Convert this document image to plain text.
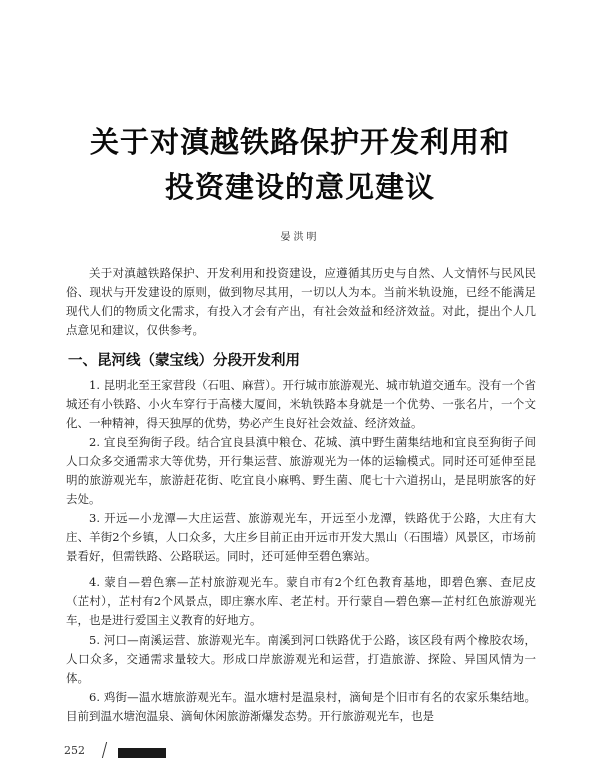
关于对滇越铁路保护开发利用和
投资建设的意见建议
晏洪明

关于对滇越铁路保护、开发利用和投资建设，应遵循其历史与自然、人文情怀与民风民俗、现状与开发建设的原则，做到物尽其用，一切以人为本。当前米轨设施，已经不能满足现代人们的物质文化需求，有投入才会有产出，有社会效益和经济效益。对此，提出个人几点意见和建议，仅供参考。

一、昆河线（蒙宝线）分段开发利用

1. 昆明北至王家营段（石咀、麻营）。开行城市旅游观光、城市轨道交通车。没有一个省城还有小铁路、小火车穿行于高楼大厦间，米轨铁路本身就是一个优势、一张名片，一个文化、一种精神，得天独厚的优势，势必产生良好社会效益、经济效益。

2. 宜良至狗街子段。结合宜良县滇中粮仓、花城、滇中野生菌集结地和宜良至狗街子间人口众多交通需求大等优势，开行集运营、旅游观光为一体的运输模式。同时还可延伸至昆明的旅游观光车，旅游赶花街、吃宜良小麻鸭、野生菌、爬七十六道拐山，是昆明旅客的好去处。

3. 开远—小龙潭—大庄运营、旅游观光车，开远至小龙潭，铁路优于公路，大庄有大庄、羊街2个乡镇，人口众多，大庄乡目前正由开远市开发大黑山（石围墙）风景区，市场前景看好，但需铁路、公路联运。同时，还可延伸至碧色寨站。

4. 蒙自—碧色寨—芷村旅游观光车。蒙自市有2个红色教育基地，即碧色寨、查尼皮（芷村），芷村有2个风景点，即庄寨水库、老芷村。开行蒙自—碧色寨—芷村红色旅游观光车，也是进行爱国主义教育的好地方。

5. 河口—南溪运营、旅游观光车。南溪到河口铁路优于公路，该区段有两个橡胶农场，人口众多，交通需求量较大。形成口岸旅游观光和运营，打造旅游、探险、异国风情为一体。

6. 鸡街—温水塘旅游观光车。温水塘村是温泉村，滴甸是个旧市有名的农家乐集结地。目前到温水塘泡温泉、滴甸休闲旅游渐爆发态势。开行旅游观光车，也是

252
